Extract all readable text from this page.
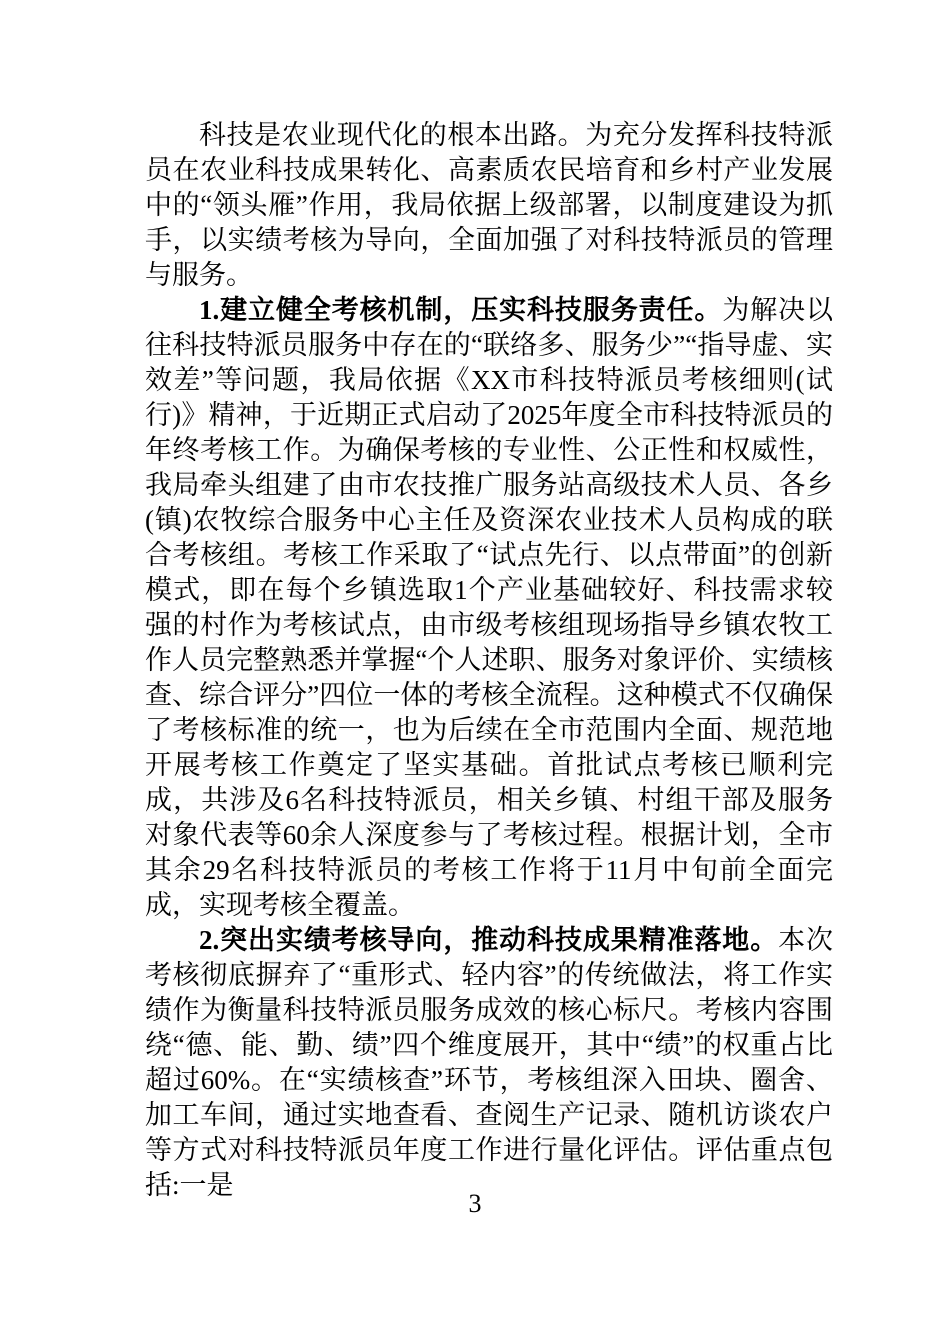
科技是农业现代化的根本出路。为充分发挥科技特派员在农业科技成果转化、高素质农民培育和乡村产业发展中的“领头雁”作用，我局依据上级部署，以制度建设为抓手，以实绩考核为导向，全面加强了对科技特派员的管理与服务。

1.建立健全考核机制，压实科技服务责任。为解决以往科技特派员服务中存在的“联络多、服务少”“指导虚、实效差”等问题，我局依据《XX市科技特派员考核细则(试行)》精神，于近期正式启动了2025年度全市科技特派员的年终考核工作。为确保考核的专业性、公正性和权威性，我局牵头组建了由市农技推广服务站高级技术人员、各乡(镇)农牧综合服务中心主任及资深农业技术人员构成的联合考核组。考核工作采取了“试点先行、以点带面”的创新模式，即在每个乡镇选取1个产业基础较好、科技需求较强的村作为考核试点，由市级考核组现场指导乡镇农牧工作人员完整熟悉并掌握“个人述职、服务对象评价、实绩核查、综合评分”四位一体的考核全流程。这种模式不仅确保了考核标准的统一，也为后续在全市范围内全面、规范地开展考核工作奠定了坚实基础。首批试点考核已顺利完成，共涉及6名科技特派员，相关乡镇、村组干部及服务对象代表等60余人深度参与了考核过程。根据计划，全市其余29名科技特派员的考核工作将于11月中旬前全面完成，实现考核全覆盖。

2.突出实绩考核导向，推动科技成果精准落地。本次考核彻底摒弃了“重形式、轻内容”的传统做法，将工作实绩作为衡量科技特派员服务成效的核心标尺。考核内容围绕“德、能、勤、绩”四个维度展开，其中“绩”的权重占比超过60%。在“实绩核查”环节，考核组深入田块、圈舍、加工车间，通过实地查看、查阅生产记录、随机访谈农户等方式对科技特派员年度工作进行量化评估。评估重点包括:一是

3
